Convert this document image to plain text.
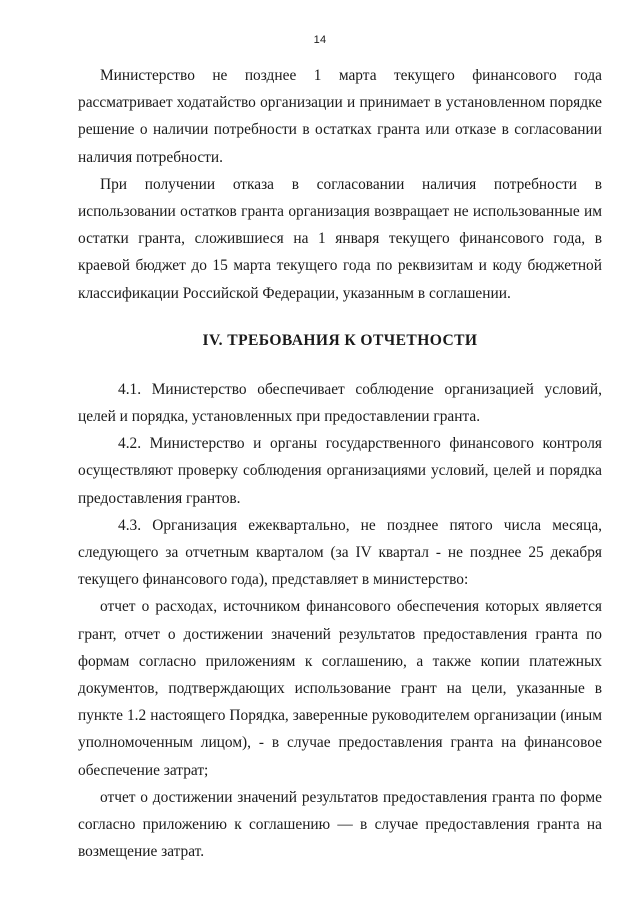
14

Министерство не позднее 1 марта текущего финансового года рассматривает ходатайство организации и принимает в установленном порядке решение о наличии потребности в остатках гранта или отказе в согласовании наличия потребности.

При получении отказа в согласовании наличия потребности в использовании остатков гранта организация возвращает не использованные им остатки гранта, сложившиеся на 1 января текущего финансового года, в краевой бюджет до 15 марта текущего года по реквизитам и коду бюджетной классификации Российской Федерации, указанным в соглашении.

IV. ТРЕБОВАНИЯ К ОТЧЕТНОСТИ

4.1. Министерство обеспечивает соблюдение организацией условий, целей и порядка, установленных при предоставлении гранта.

4.2. Министерство и органы государственного финансового контроля осуществляют проверку соблюдения организациями условий, целей и порядка предоставления грантов.

4.3. Организация ежеквартально, не позднее пятого числа месяца, следующего за отчетным кварталом (за IV квартал - не позднее 25 декабря текущего финансового года), представляет в министерство:

отчет о расходах, источником финансового обеспечения которых является грант, отчет о достижении значений результатов предоставления гранта по формам согласно приложениям к соглашению, а также копии платежных документов, подтверждающих использование грант на цели, указанные в пункте 1.2 настоящего Порядка, заверенные руководителем организации (иным уполномоченным лицом), - в случае предоставления гранта на финансовое обеспечение затрат;

отчет о достижении значений результатов предоставления гранта по форме согласно приложению к соглашению — в случае предоставления гранта на возмещение затрат.
